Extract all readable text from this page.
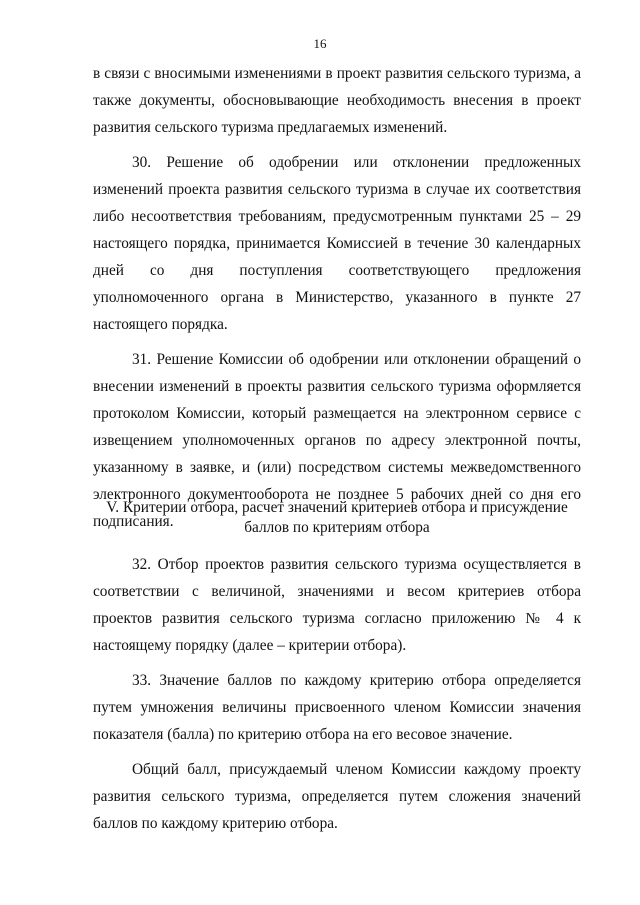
16

в связи с вносимыми изменениями в проект развития сельского туризма, а также документы, обосновывающие необходимость внесения в проект развития сельского туризма предлагаемых изменений.

30. Решение об одобрении или отклонении предложенных изменений проекта развития сельского туризма в случае их соответствия либо несоответствия требованиям, предусмотренным пунктами 25 – 29 настоящего порядка, принимается Комиссией в течение 30 календарных дней со дня поступления соответствующего предложения уполномоченного органа в Министерство, указанного в пункте 27 настоящего порядка.

31. Решение Комиссии об одобрении или отклонении обращений о внесении изменений в проекты развития сельского туризма оформляется протоколом Комиссии, который размещается на электронном сервисе с извещением уполномоченных органов по адресу электронной почты, указанному в заявке, и (или) посредством системы межведомственного электронного документооборота не позднее 5 рабочих дней со дня его подписания.

V. Критерии отбора, расчет значений критериев отбора и присуждение
баллов по критериям отбора

32. Отбор проектов развития сельского туризма осуществляется в соответствии с величиной, значениями и весом критериев отбора проектов развития сельского туризма согласно приложению № 4 к настоящему порядку (далее – критерии отбора).

33. Значение баллов по каждому критерию отбора определяется путем умножения величины присвоенного членом Комиссии значения показателя (балла) по критерию отбора на его весовое значение.

Общий балл, присуждаемый членом Комиссии каждому проекту развития сельского туризма, определяется путем сложения значений баллов по каждому критерию отбора.
